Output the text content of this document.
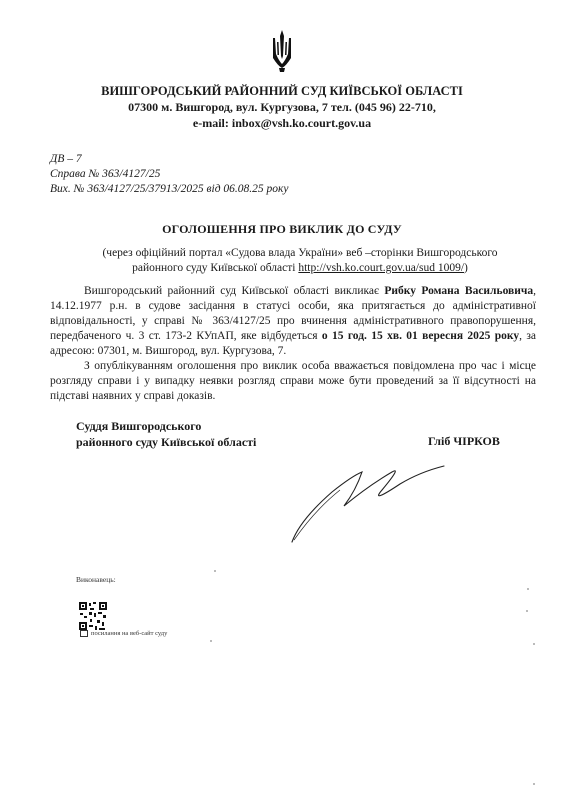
ВИШГОРОДСЬКИЙ РАЙОННИЙ СУД КИЇВСЬКОЇ ОБЛАСТІ
07300 м. Вишгород, вул. Кургузова, 7 тел. (045 96) 22-710,
e-mail: inbox@vsh.ko.court.gov.ua
ДВ – 7
Справа № 363/4127/25
Вих. № 363/4127/25/37913/2025 від 06.08.25 року
ОГОЛОШЕННЯ ПРО ВИКЛИК ДО СУДУ
(через офіційний портал «Судова влада України» веб –сторінки Вишгородського районного суду Київської області http://vsh.ko.court.gov.ua/sud 1009/)

Вишгородський районний суд Київської області викликає Рибку Романа Васильовича, 14.12.1977 р.н. в судове засідання в статусі особи, яка притягається до адміністративної відповідальності, у справі № 363/4127/25 про вчинення адміністративного правопорушення, передбаченого ч. 3 ст. 173-2 КУпАП, яке відбудеться о 15 год. 15 хв. 01 вересня 2025 року, за адресою: 07301, м. Вишгород, вул. Кургузова, 7.

З опублікуванням оголошення про виклик особа вважається повідомлена про час і місце розгляду справи і у випадку неявки розгляд справи може бути проведений за її відсутності на підставі наявних у справі доказів.

Суддя Вишгородського
районного суду Київської області	Гліб ЧІРКОВ
Виконавець:
посилання на веб-сайт суду
